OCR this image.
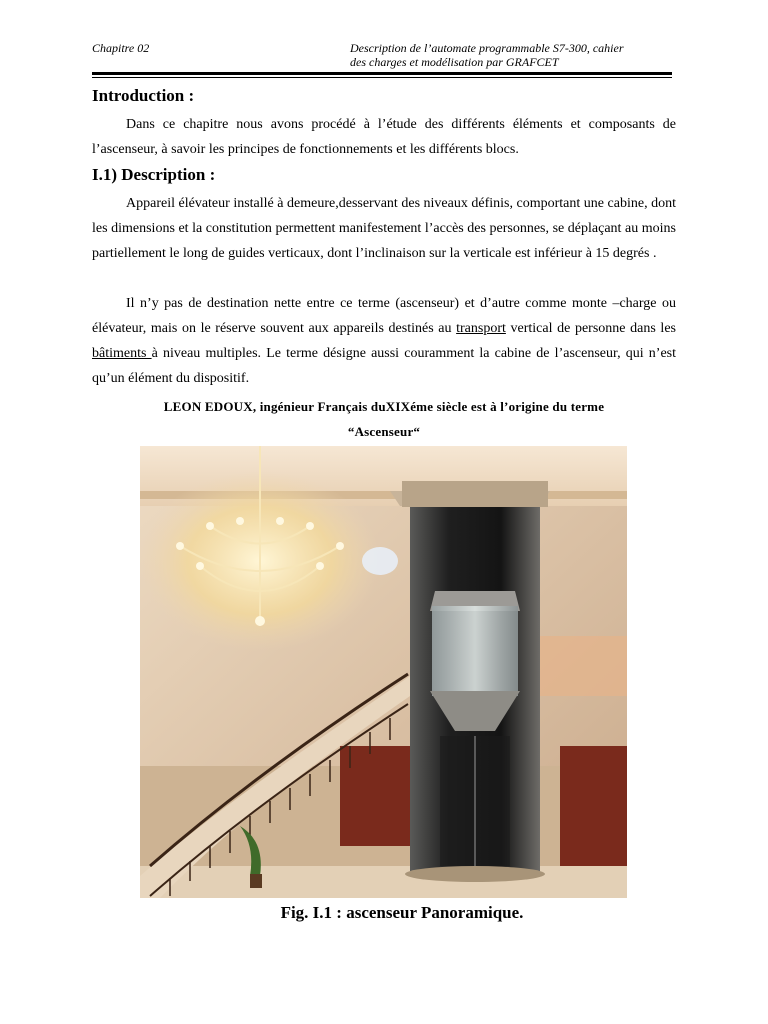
Chapitre 02	Description de l’automate programmable S7-300, cahier
des charges et modélisation par GRAFCET
Introduction :
Dans ce chapitre nous avons procédé à l’étude des différents éléments et composants de l’ascenseur, à savoir les principes de fonctionnements et les différents blocs.
I.1) Description :
Appareil élévateur installé à demeure,desservant des niveaux définis, comportant une cabine, dont les dimensions et la constitution permettent manifestement l’accès des personnes, se déplaçant au moins partiellement le long de guides verticaux, dont l’inclinaison sur la verticale est inférieur à 15 degrés .
Il n’y pas de destination nette entre ce terme (ascenseur) et d’autre comme monte –charge ou élévateur, mais on le réserve souvent aux appareils destinés au transport vertical de personne dans les bâtiments à niveau multiples. Le terme désigne aussi couramment la cabine de l’ascenseur, qui n’est qu’un élément du dispositif.
LEON EDOUX, ingénieur Français duXIXéme siècle est à l’origine du terme
“Ascenseur“
Fig. I.1 : ascenseur Panoramique.
